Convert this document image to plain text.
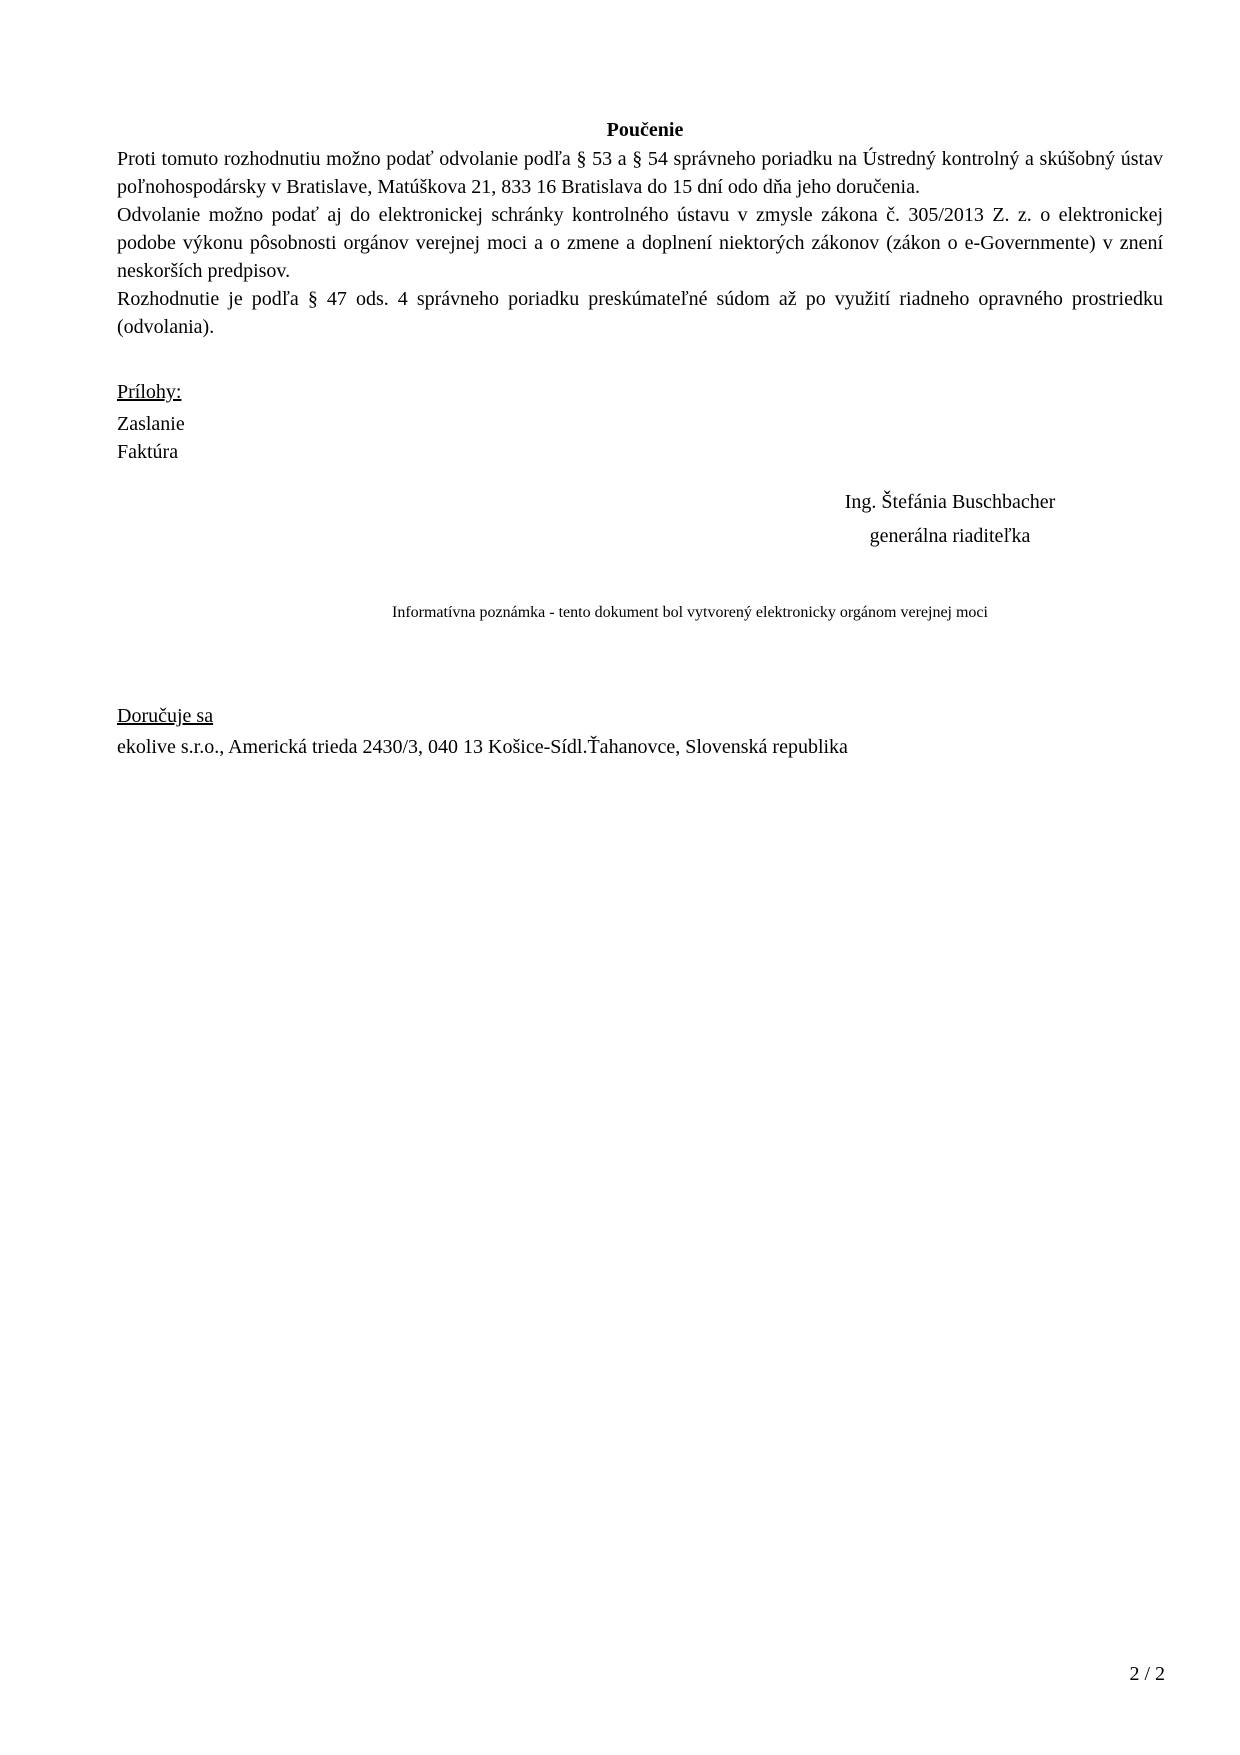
Poučenie

Proti tomuto rozhodnutiu možno podať odvolanie podľa § 53 a § 54 správneho poriadku na Ústredný kontrolný a skúšobný ústav poľnohospodársky v Bratislave, Matúškova 21, 833 16 Bratislava do 15 dní odo dňa jeho doručenia.

Odvolanie možno podať aj do elektronickej schránky kontrolného ústavu v zmysle zákona č. 305/2013 Z. z. o elektronickej podobe výkonu pôsobnosti orgánov verejnej moci a o zmene a doplnení niektorých zákonov (zákon o e-Governmente) v znení neskorších predpisov.

Rozhodnutie je podľa § 47 ods. 4 správneho poriadku preskúmateľné súdom až po využití riadneho opravného prostriedku (odvolania).

Prílohy:
Zaslanie
Faktúra
Ing. Štefánia Buschbacher
generálna riaditeľka
Informatívna poznámka - tento dokument bol vytvorený elektronicky orgánom verejnej moci
Doručuje sa
ekolive s.r.o., Americká trieda 2430/3, 040 13 Košice-Sídl.Ťahanovce, Slovenská republika
2 / 2
